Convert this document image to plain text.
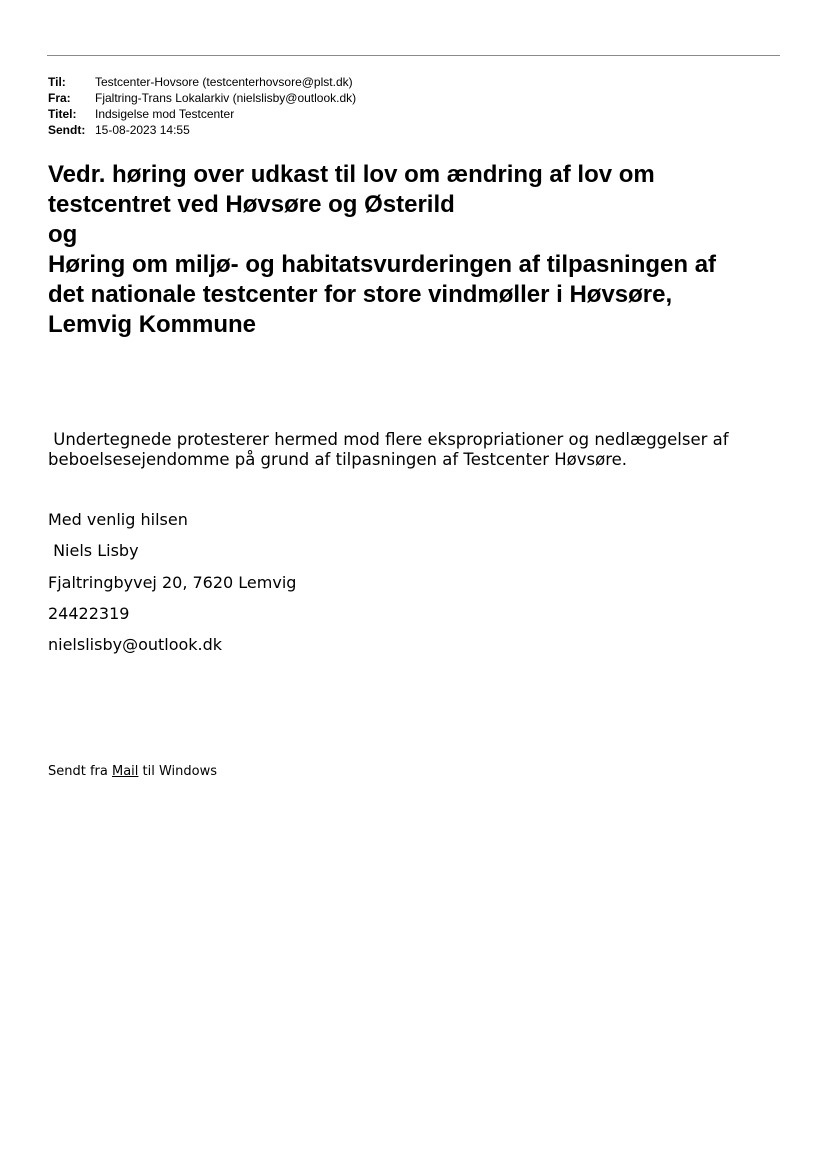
Til:	Testcenter-Hovsore (testcenterhovsore@plst.dk)
Fra:	Fjaltring-Trans Lokalarkiv (nielslisby@outlook.dk)
Titel:	Indsigelse mod Testcenter
Sendt: 15-08-2023 14:55
Vedr. høring over udkast til lov om ændring af lov om
testcentret ved Høvsøre og Østerild
og
Høring om miljø- og habitatsvurderingen af tilpasningen af
det nationale testcenter for store vindmøller i Høvsøre,
Lemvig Kommune
Undertegnede protesterer hermed mod flere ekspropriationer og nedlæggelser af
beboelsesejendomme på grund af tilpasningen af Testcenter Høvsøre.
Med venlig hilsen
Niels Lisby
Fjaltringbyvej 20, 7620 Lemvig
24422319
nielslisby@outlook.dk
Sendt fra Mail til Windows
